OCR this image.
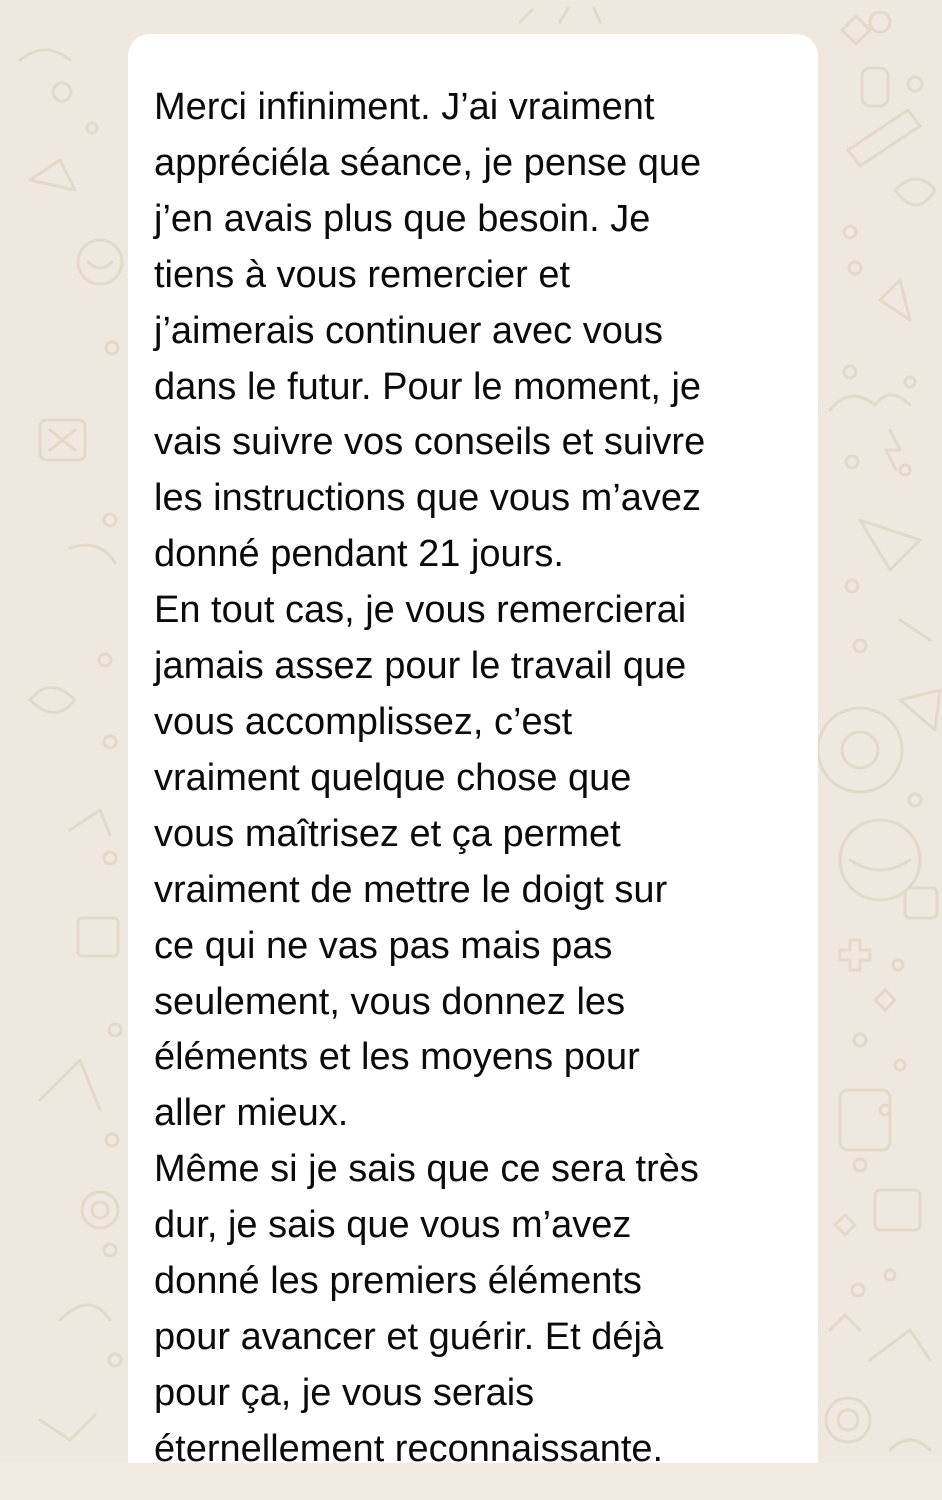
Merci infiniment. J’ai vraiment
appréciéla séance, je pense que
j’en avais plus que besoin. Je
tiens à vous remercier et
j’aimerais continuer avec vous
dans le futur. Pour le moment, je
vais suivre vos conseils et suivre
les instructions que vous m’avez
donné pendant 21 jours.
En tout cas, je vous remercierai
jamais assez pour le travail que
vous accomplissez, c’est
vraiment quelque chose que
vous maîtrisez et ça permet
vraiment de mettre le doigt sur
ce qui ne vas pas mais pas
seulement, vous donnez les
éléments et les moyens pour
aller mieux.
Même si je sais que ce sera très
dur, je sais que vous m’avez
donné les premiers éléments
pour avancer et guérir. Et déjà
pour ça, je vous serais
éternellement reconnaissante.
